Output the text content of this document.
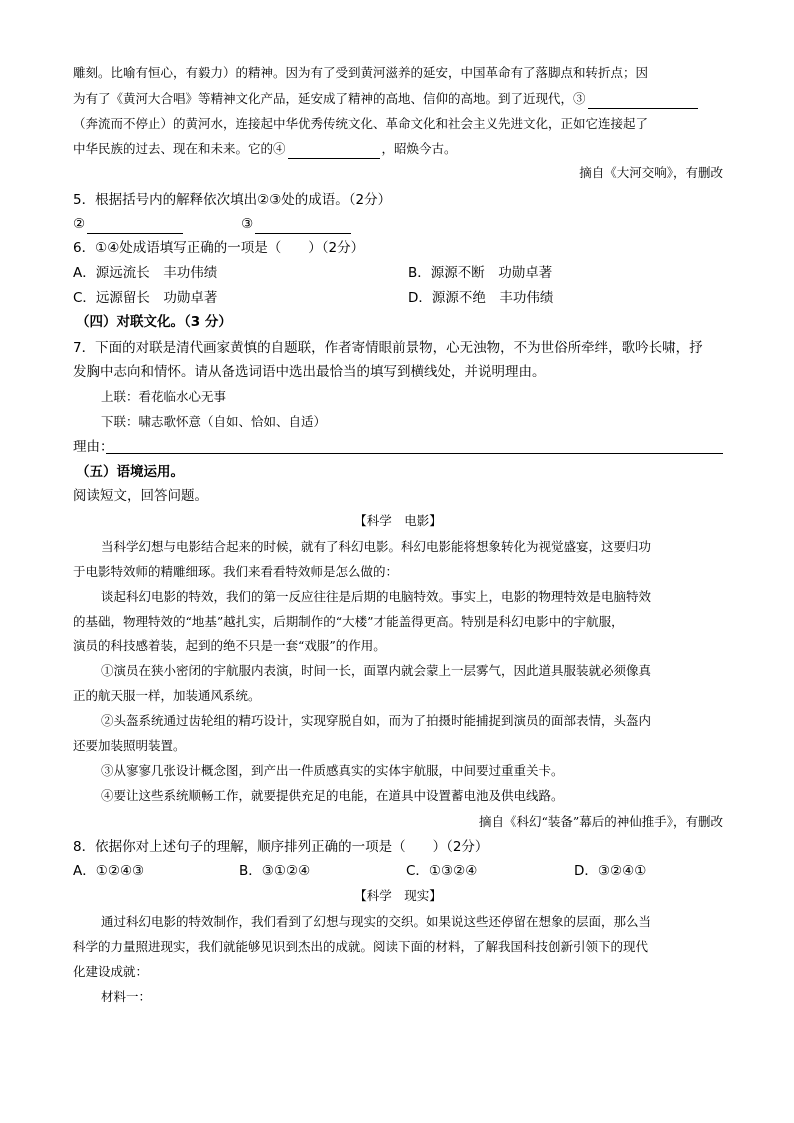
雕刻。比喻有恒心，有毅力）的精神。因为有了受到黄河滋养的延安，中国革命有了落脚点和转折点；因
为有了《黄河大合唱》等精神文化产品，延安成了精神的高地、信仰的高地。到了近现代，③
（奔流而不停止）的黄河水，连接起中华优秀传统文化、革命文化和社会主义先进文化，正如它连接起了
中华民族的过去、现在和未来。它的④	，昭焕今古。
摘自《大河交响》，有删改
5．根据括号内的解释依次填出②③处的成语。（2分）
②	③
6．①④处成语填写正确的一项是（　　）（2分）
A．源远流长　丰功伟绩	B．源源不断　功勋卓著
C．远源留长　功勋卓著	D．源源不绝　丰功伟绩
（四）对联文化。（3 分）
7．下面的对联是清代画家黄慎的自题联，作者寄情眼前景物，心无浊物，不为世俗所牵绊，歌吟长啸，抒
发胸中志向和情怀。请从备选词语中选出最恰当的填写到横线处，并说明理由。
上联：看花临水心无事
下联：啸志歌怀意（自如、恰如、自适）
理由：
（五）语境运用。
阅读短文，回答问题。
【科学　电影】
当科学幻想与电影结合起来的时候，就有了科幻电影。科幻电影能将想象转化为视觉盛宴，这要归功
于电影特效师的精雕细琢。我们来看看特效师是怎么做的：
谈起科幻电影的特效，我们的第一反应往往是后期的电脑特效。事实上，电影的物理特效是电脑特效
的基础，物理特效的“地基”越扎实，后期制作的“大楼”才能盖得更高。特别是科幻电影中的宇航服，
演员的科技感着装，起到的绝不只是一套“戏服”的作用。
①演员在狭小密闭的宇航服内表演，时间一长，面罩内就会蒙上一层雾气，因此道具服装就必须像真
正的航天服一样，加装通风系统。
②头盔系统通过齿轮组的精巧设计，实现穿脱自如，而为了拍摄时能捕捉到演员的面部表情，头盔内
还要加装照明装置。
③从寥寥几张设计概念图，到产出一件质感真实的实体宇航服，中间要过重重关卡。
④要让这些系统顺畅工作，就要提供充足的电能，在道具中设置蓄电池及供电线路。
摘自《科幻“装备”幕后的神仙推手》，有删改
8．依据你对上述句子的理解，顺序排列正确的一项是（　　）（2分）
A．①②④③	B．③①②④	C．①③②④	D．③②④①
【科学　现实】
通过科幻电影的特效制作，我们看到了幻想与现实的交织。如果说这些还停留在想象的层面，那么当
科学的力量照进现实，我们就能够见识到杰出的成就。阅读下面的材料，了解我国科技创新引领下的现代
化建设成就：
材料一：
